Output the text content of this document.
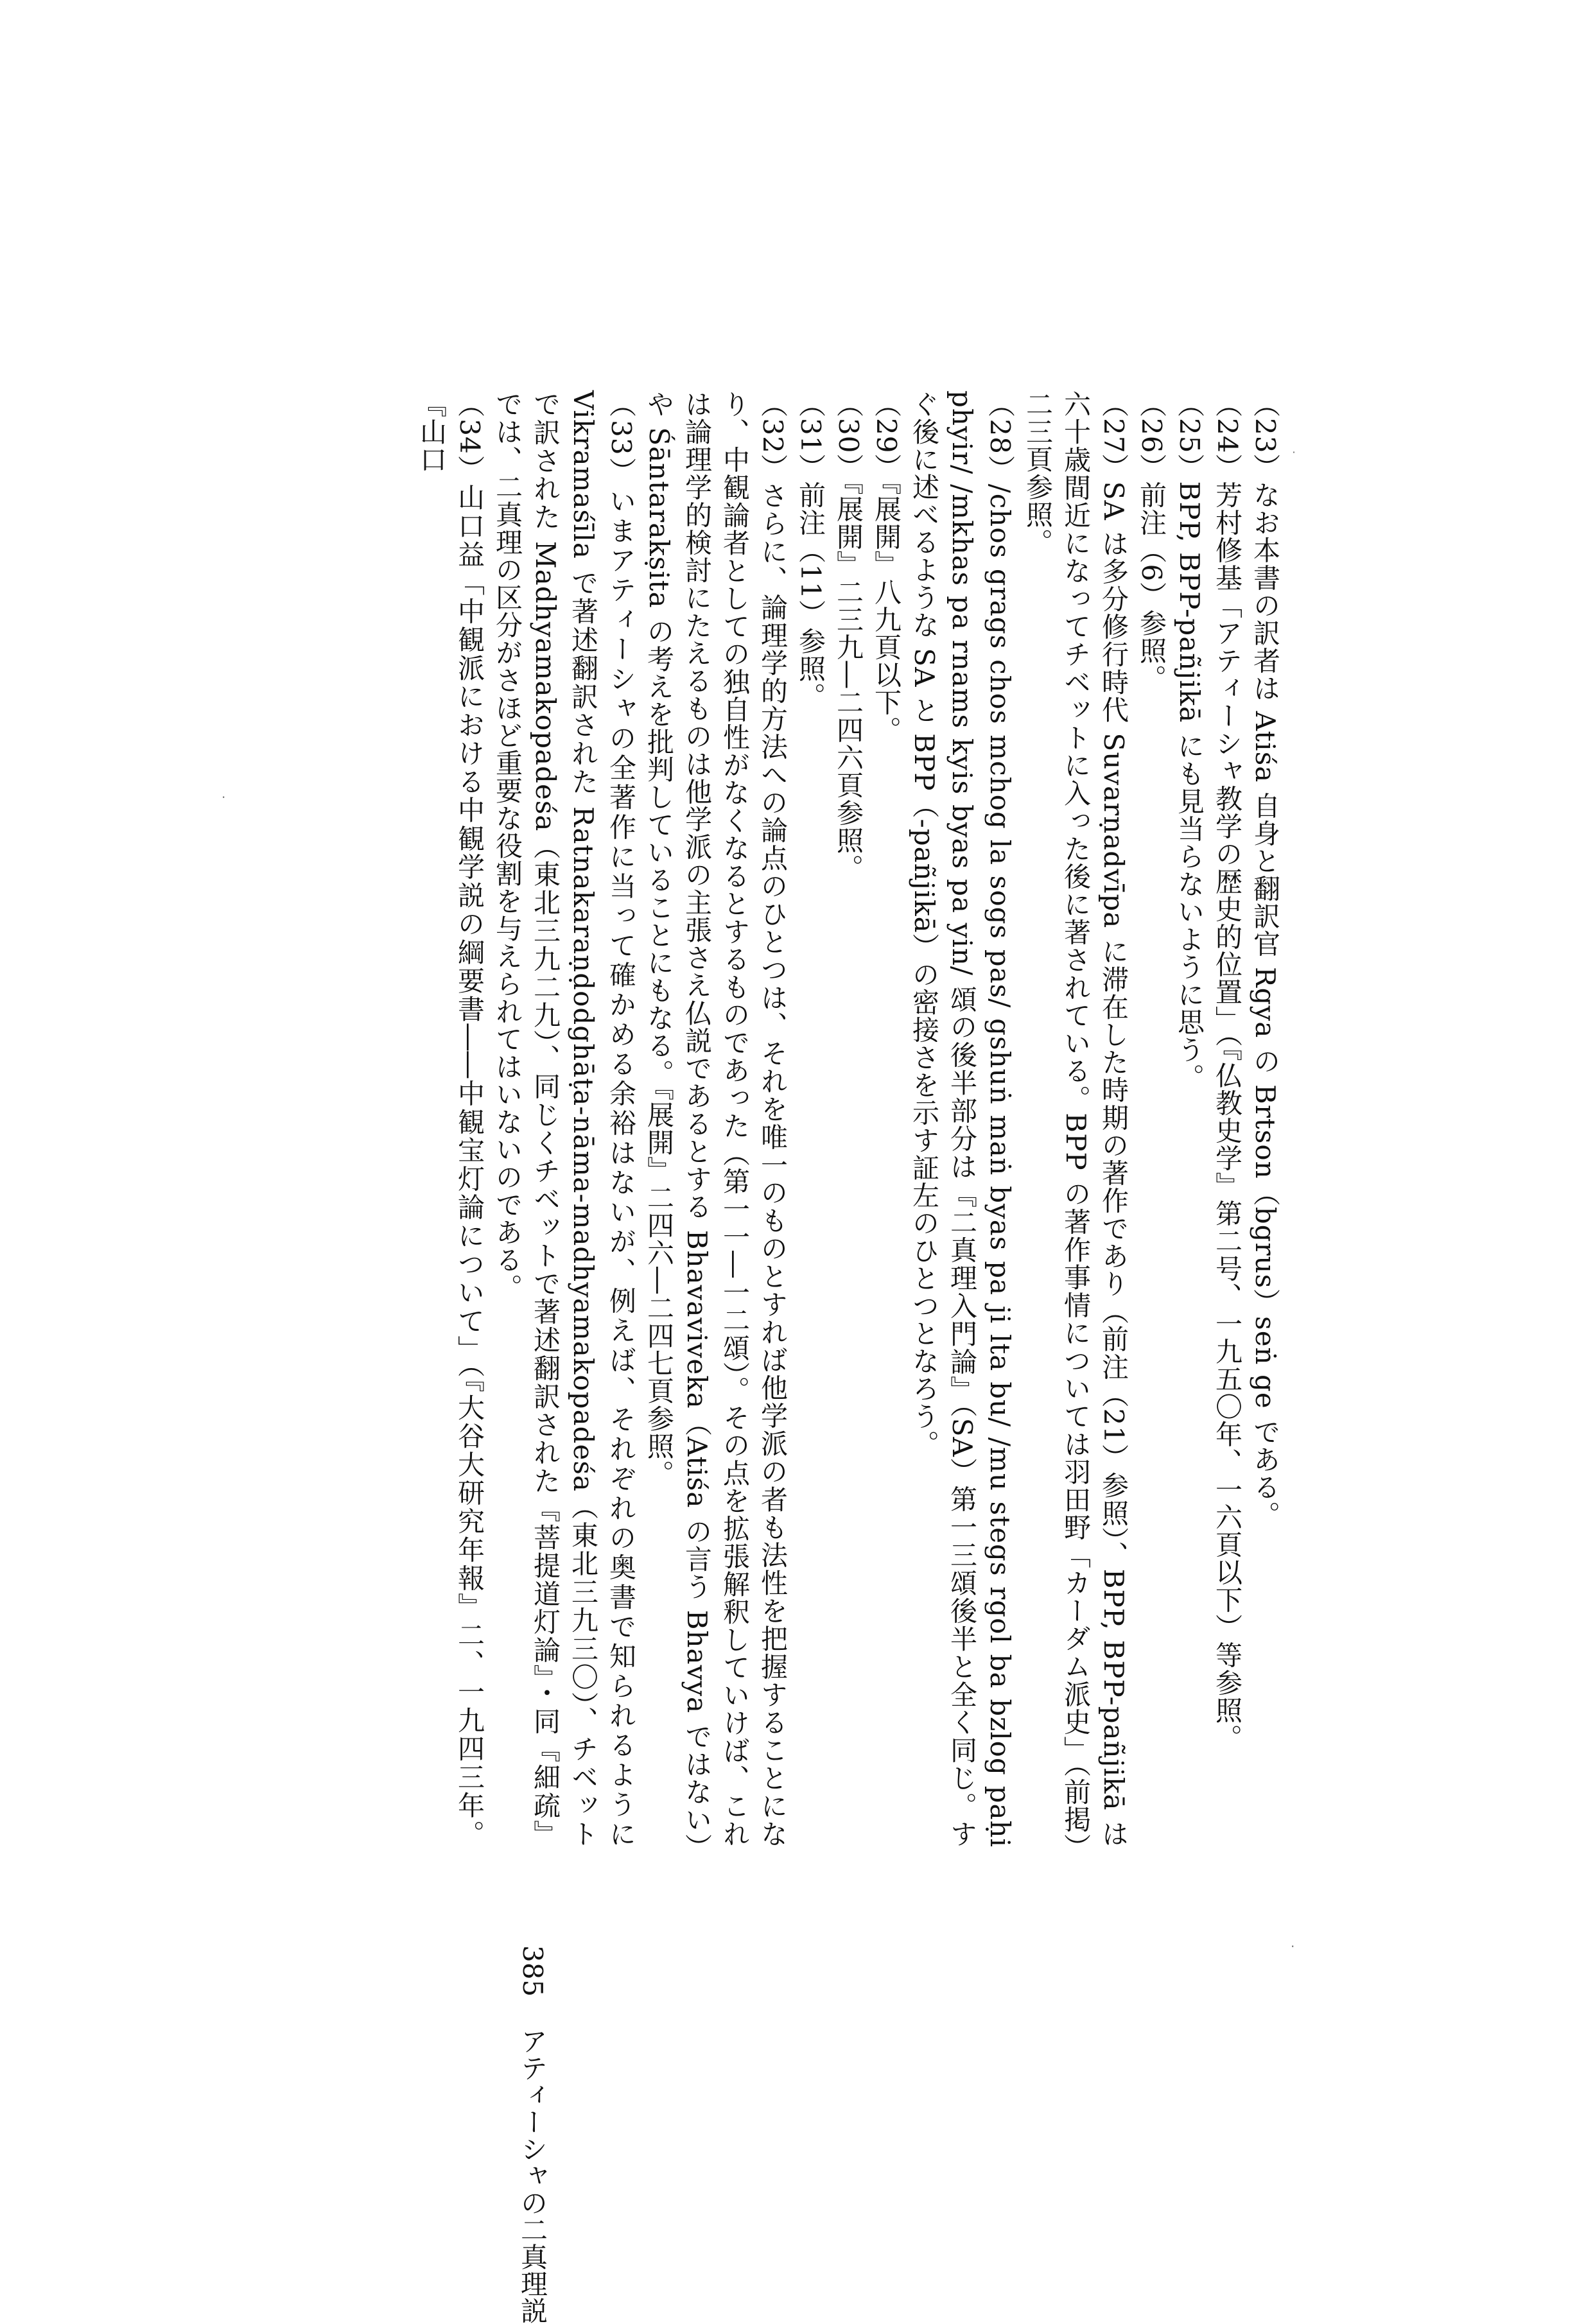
（23）なお本書の訳者は Atiśa 自身と翻訳官 Rgya の Brtson（bgrus）seṅ ge である。

（24）芳村修基「アティーシャ教学の歴史的位置」（『仏教史学』第二号、一九五〇年、一六頁以下）等参照。

（25）BPP, BPP-pañjikā にも見当らないように思う。

（26）前注（6）参照。

（27）SA は多分修行時代 Suvarṇadvīpa に滞在した時期の著作であり（前注（21）参照）、BPP, BPP-pañjikā は六十歳間近になってチベットに入った後に著されている。BPP の著作事情については羽田野「カーダム派史」（前掲）二三頁参照。

（28）/chos grags chos mchog la sogs pas/ gshuṅ maṅ byas pa ji lta bu/ /mu stegs rgol ba bzlog paḥi phyir/ /mkhas pa rnams kyis byas pa yin/ 頌の後半部分は『二真理入門論』（SA）第一三頌後半と全く同じ。すぐ後に述べるような SA と BPP（-pañjikā）の密接さを示す証左のひとつとなろう。

（29）『展開』八九頁以下。

（30）『展開』二三九―二四六頁参照。

（31）前注（11）参照。

（32）さらに、論理学的方法への論点のひとつは、それを唯一のものとすれば他学派の者も法性を把握することになり、中観論者としての独自性がなくなるとするものであった（第一一―一二頌）。その点を拡張解釈していけば、これは論理学的検討にたえるものは他学派の主張さえ仏説であるとする Bhavaviveka（Atiśa の言う Bhavya ではない）や Śāntarakṣita の考えを批判していることにもなる。『展開』二四六―二四七頁参照。

（33）いまアティーシャの全著作に当って確かめる余裕はないが、例えば、それぞれの奥書で知られるように Vikramaśīla で著述翻訳された Ratnakaraṇḍodghāṭa-nāma-madhyamakopadeśa（東北三九三〇）、チベットで訳された Madhyamakopadeśa（東北三九二九）、同じくチベットで著述翻訳された『菩提道灯論』・同『細疏』では、二真理の区分がさほど重要な役割を与えられてはいないのである。

（34）山口益「中観派における中観学説の綱要書――中観宝灯論について」（『大谷大研究年報』二、一九四三年。『山口

385アティーシャの二真理説
˙
·
·
